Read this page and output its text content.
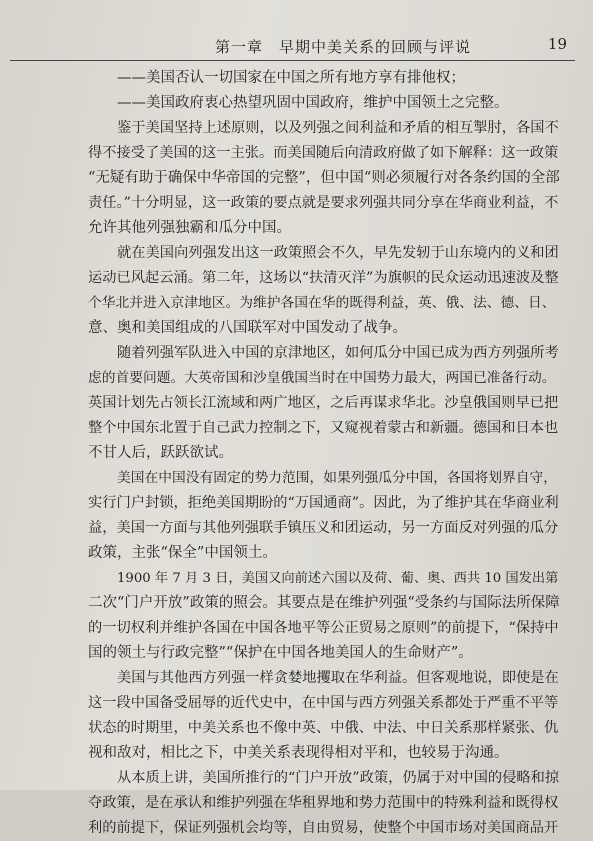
第一章　早期中美关系的回顾与评说	19
——美国否认一切国家在中国之所有地方享有排他权；
——美国政府衷心热望巩固中国政府，维护中国领土之完整。
鉴于美国坚持上述原则，以及列强之间利益和矛盾的相互掣肘，各国不
得不接受了美国的这一主张。而美国随后向清政府做了如下解释：这一政策
“无疑有助于确保中华帝国的完整”，但中国“则必须履行对各条约国的全部
责任。”十分明显，这一政策的要点就是要求列强共同分享在华商业利益，不
允许其他列强独霸和瓜分中国。
就在美国向列强发出这一政策照会不久，早先发轫于山东境内的义和团
运动已风起云涌。第二年，这场以“扶清灭洋”为旗帜的民众运动迅速波及整
个华北并进入京津地区。为维护各国在华的既得利益，英、俄、法、德、日、
意、奥和美国组成的八国联军对中国发动了战争。
随着列强军队进入中国的京津地区，如何瓜分中国已成为西方列强所考
虑的首要问题。大英帝国和沙皇俄国当时在中国势力最大，两国已准备行动。
英国计划先占领长江流域和两广地区，之后再谋求华北。沙皇俄国则早已把
整个中国东北置于自己武力控制之下，又窥视着蒙古和新疆。德国和日本也
不甘人后，跃跃欲试。
美国在中国没有固定的势力范围，如果列强瓜分中国，各国将划界自守，
实行门户封锁，拒绝美国期盼的“万国通商”。因此，为了维护其在华商业利
益，美国一方面与其他列强联手镇压义和团运动，另一方面反对列强的瓜分
政策，主张“保全”中国领土。
1900 年 7 月 3 日，美国又向前述六国以及荷、葡、奥、西共 10 国发出第
二次“门户开放”政策的照会。其要点是在维护列强“受条约与国际法所保障
的一切权利并维护各国在中国各地平等公正贸易之原则”的前提下，“保持中
国的领土与行政完整”“保护在中国各地美国人的生命财产”。
美国与其他西方列强一样贪婪地攫取在华利益。但客观地说，即使是在
这一段中国备受屈辱的近代史中，在中国与西方列强关系都处于严重不平等
状态的时期里，中美关系也不像中英、中俄、中法、中日关系那样紧张、仇
视和敌对，相比之下，中美关系表现得相对平和，也较易于沟通。
从本质上讲，美国所推行的“门户开放”政策，仍属于对中国的侵略和掠
夺政策，是在承认和维护列强在华租界地和势力范围中的特殊利益和既得权
利的前提下，保证列强机会均等，自由贸易，使整个中国市场对美国商品开
